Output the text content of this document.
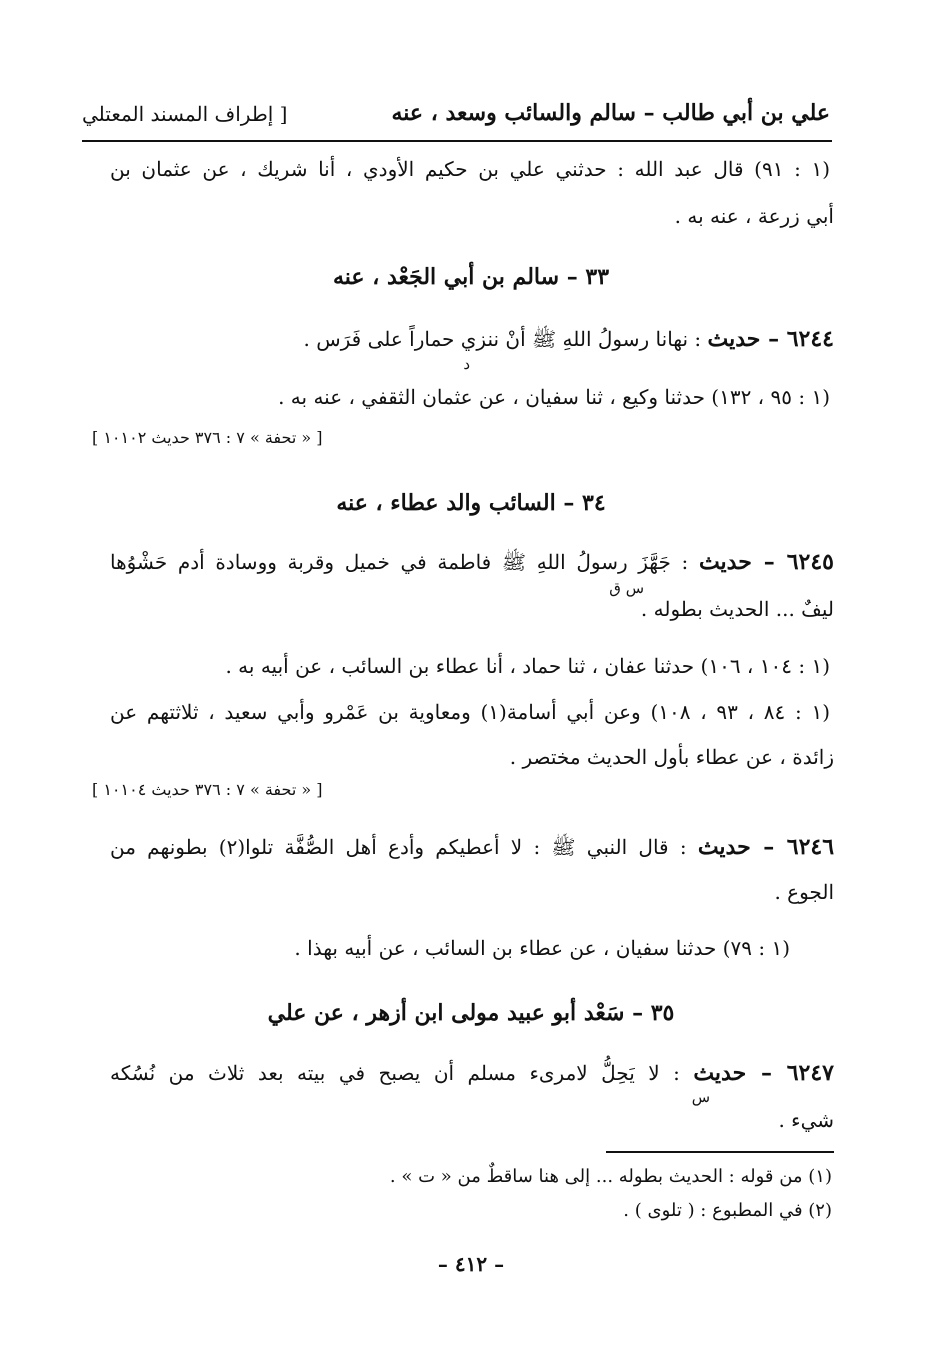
علي بن أبي طالب – سالم والسائب وسعد ، عنه
[ إطراف المسند المعتلي
(١ : ٩١) قال عبد الله : حدثني علي بن حكيم الأودي ، أنا شريك ، عن عثمان بن
أبي زرعة ، عنه به .
٣٣ – سالم بن أبي الجَعْد ، عنه
٦٢٤٤ – حديث : نهانا رسولُ اللهِ ﷺ أنْ ننزي حماراً على فَرَس .
د
(١ : ٩٥ ، ١٣٢) حدثنا وكيع ، ثنا سفيان ، عن عثمان الثقفي ، عنه به .
[ « تحفة » ٧ : ٣٧٦ حديث ١٠١٠٢ ]
٣٤ – السائب والد عطاء ، عنه
٦٢٤٥ – حديث : جَهَّزَ رسولُ اللهِ ﷺ فاطمة في خميل وقربة ووسادة أدم حَشْوُها
س ق
ليفٌ ... الحديث بطوله .
(١ : ١٠٤ ، ١٠٦) حدثنا عفان ، ثنا حماد ، أنا عطاء بن السائب ، عن أبيه به .
(١ : ٨٤ ، ٩٣ ، ١٠٨) وعن أبي أسامة(١) ومعاوية بن عَمْرو وأبي سعيد ، ثلاثتهم عن
زائدة ، عن عطاء بأول الحديث مختصر .
[ « تحفة » ٧ : ٣٧٦ حديث ١٠١٠٤ ]
٦٢٤٦ – حديث : قال النبي ﷺ : لا أعطيكم وأدع أهل الصُّفَّة تلوا(٢) بطونهم من
الجوع .
(١ : ٧٩) حدثنا سفيان ، عن عطاء بن السائب ، عن أبيه بهذا .
٣٥ – سَعْد أبو عبيد مولى ابن أزهر ، عن علي
٦٢٤٧ – حديث : لا يَحِلُّ لامرىء مسلم أن يصبح في بيته بعد ثلاث من نُسُكه
س
شيء .
(١) من قوله : الحديث بطوله ... إلى هنا ساقطٌ من « ت » .
(٢) في المطبوع : ( تلوى ) .
– ٤١٢ –
